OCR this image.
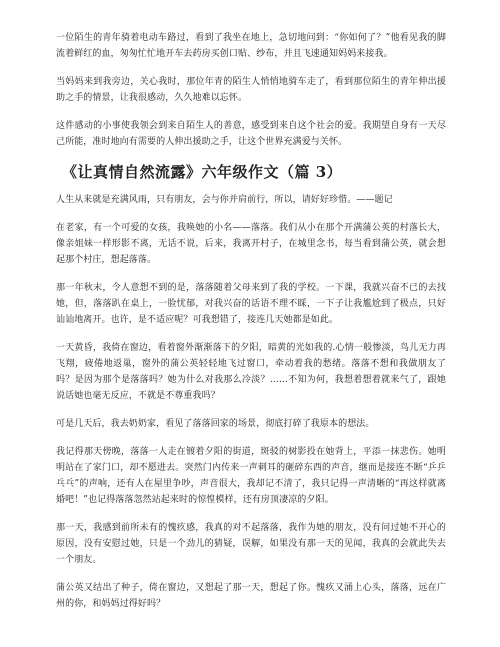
一位陌生的青年骑着电动车路过，看到了我坐在地上，急切地问到：“你如何了？”他看见我的脚流着鲜红的血，匆匆忙忙地开车去药房买创口贴、纱布，并且飞速通知妈妈来接我。

当妈妈来到我旁边，关心我时，那位年青的陌生人悄悄地骑车走了，看到那位陌生的青年伸出援助之手的情景，让我很感动，久久地难以忘怀。

这件感动的小事使我领会到来自陌生人的善意，感受到来自这个社会的爱。我期望自身有一天尽己所能，准时地向有需要的人伸出援助之手，让这个世界充满爱与关怀。

《让真情自然流露》六年级作文（篇 3）

人生从来就是充满风雨，只有朋友，会与你并肩前行，所以，请好好珍惜。——题记

在老家，有一个可爱的女孩，我唤她的小名——落落。我们从小在那个开满蒲公英的村落长大，像亲姐妹一样形影不离，无话不说，后来，我离开村子，在城里念书，每当看到蒲公英，就会想起那个村庄，想起落落。

那一年秋末，令人意想不到的是，落落随着父母来到了我的学校。一下课，我就兴奋不已的去找她，但，落落趴在桌上，一脸忧郁，对我兴奋的话语不理不睬，一下子让我尴尬到了极点，只好讪讪地离开。也许，是不适应呢？可我想错了，接连几天她都是如此。

一天黄昏，我倚在窗边，看着窗外渐渐落下的夕阳，暗黄的光如我的.心情一般惨淡，鸟儿无力再飞翔，疲倦地返巢，窗外的蒲公英轻轻地飞过窗口，牵动着我的愁绪。落落不想和我做朋友了吗？是因为那个是落落吗？她为什么对我那么冷淡？……不知为何，我想着想着就来气了，跟她说话她也毫无反应，不就是不尊重我吗？

可是几天后，我去奶奶家，看见了落落回家的场景，彻底打碎了我原本的想法。

我记得那天傍晚，落落一人走在镀着夕阳的街道，斑驳的树影投在她背上，平添一抹悲伤。她明明站在了家门口，却不愿进去。突然门内传来一声刺耳的砸碎东西的声音，继而是接连不断“乒乒乓乓”的声响，还有人在屋里争吵，声音很大，我却记不清了，我只记得一声清晰的“再这样就离婚吧！”也记得落落忽然站起来时的惊惶模样，还有房顶凄凉的夕阳。

那一天，我感到前所未有的愧疚感，我真的对不起落落，我作为她的朋友，没有问过她不开心的原因，没有安慰过她，只是一个劲儿的猜疑，误解，如果没有那一天的见闻，我真的会就此失去一个朋友。

蒲公英又结出了种子，倚在窗边，又想起了那一天，想起了你。愧疚又涌上心头，落落，远在广州的你，和妈妈过得好吗？
